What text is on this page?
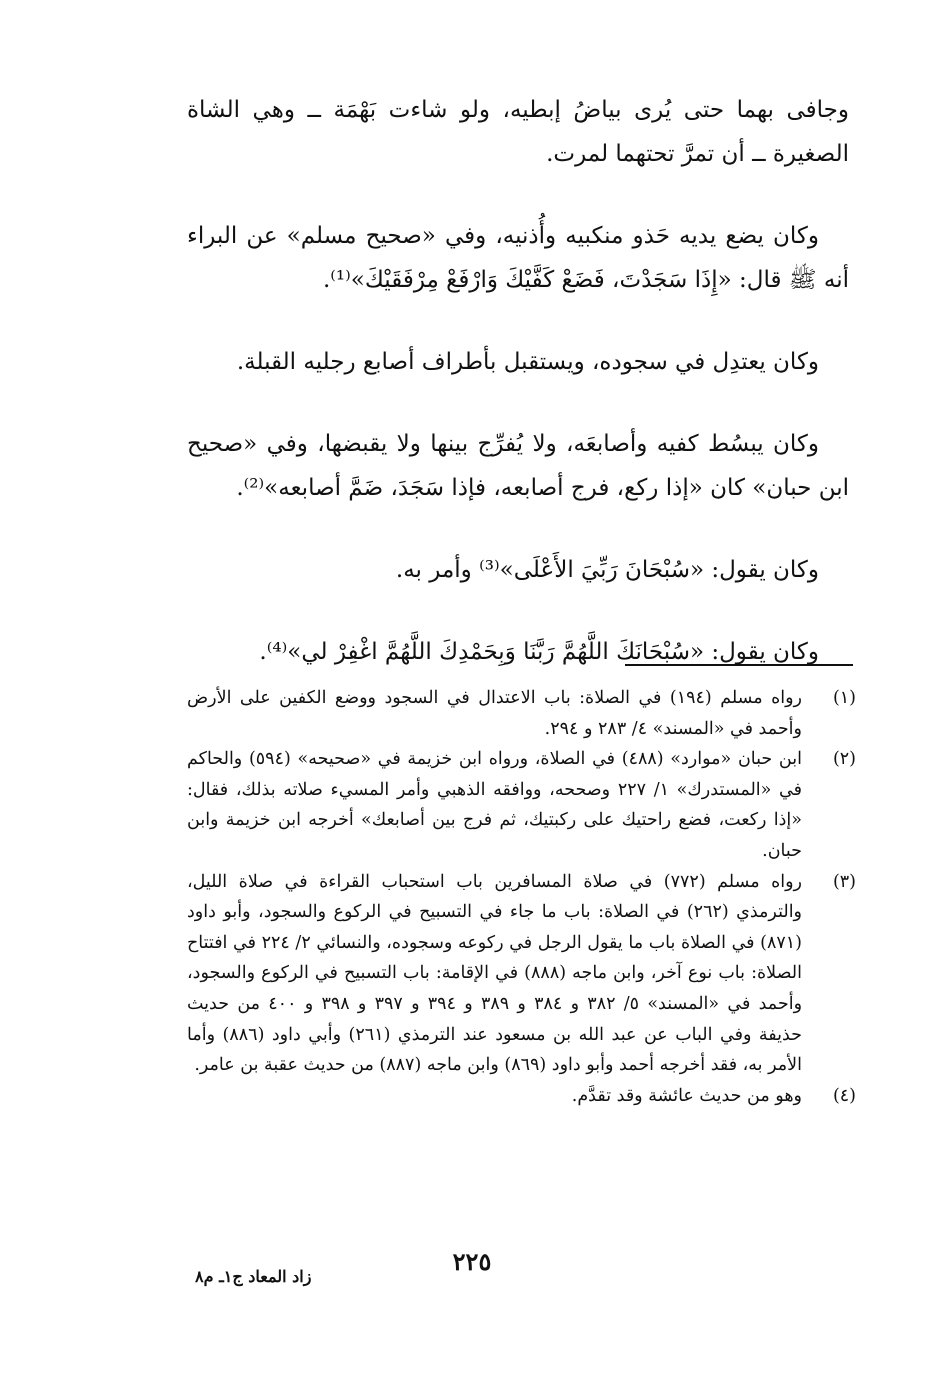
وجافى بهما حتى يُرى بياضُ إبطيه، ولو شاءت بَهْمَة ــ وهي الشاة الصغيرة ــ أن تمرَّ تحتهما لمرت.

وكان يضع يديه حَذو منكبيه وأُذنيه، وفي «صحيح مسلم» عن البراء أنه ﷺ قال: «إِذَا سَجَدْتَ، فَضَعْ كَفَّيْكَ وَارْفَعْ مِرْفَقَيْكَ»⁽¹⁾.

وكان يعتدِل في سجوده، ويستقبل بأطراف أصابع رجليه القبلة.

وكان يبسُط كفيه وأصابعَه، ولا يُفرِّج بينها ولا يقبضها، وفي «صحيح ابن حبان» كان «إذا ركع، فرج أصابعه، فإذا سَجَدَ، ضَمَّ أصابعه»⁽²⁾.

وكان يقول: «سُبْحَانَ رَبِّيَ الأَعْلَى»⁽³⁾ وأمر به.

وكان يقول: «سُبْحَانَكَ اللَّهُمَّ رَبَّنَا وَبِحَمْدِكَ اللَّهُمَّ اغْفِرْ لي»⁽⁴⁾.

(١)
رواه مسلم (١٩٤) في الصلاة: باب الاعتدال في السجود ووضع الكفين على الأرض وأحمد في «المسند» ٤/ ٢٨٣ و ٢٩٤.
(٢)
ابن حبان «موارد» (٤٨٨) في الصلاة، ورواه ابن خزيمة في «صحيحه» (٥٩٤) والحاكم في «المستدرك» ١/ ٢٢٧ وصححه، ووافقه الذهبي وأمر المسيء صلاته بذلك، فقال: «إذا ركعت، فضع راحتيك على ركبتيك، ثم فرج بين أصابعك» أخرجه ابن خزيمة وابن حبان.
(٣)
رواه مسلم (٧٧٢) في صلاة المسافرين باب استحباب القراءة في صلاة الليل، والترمذي (٢٦٢) في الصلاة: باب ما جاء في التسبيح في الركوع والسجود، وأبو داود (٨٧١) في الصلاة باب ما يقول الرجل في ركوعه وسجوده، والنسائي ٢/ ٢٢٤ في افتتاح الصلاة: باب نوع آخر، وابن ماجه (٨٨٨) في الإقامة: باب التسبيح في الركوع والسجود، وأحمد في «المسند» ٥/ ٣٨٢ و ٣٨٤ و ٣٨٩ و ٣٩٤ و ٣٩٧ و ٣٩٨ و ٤٠٠ من حديث حذيفة وفي الباب عن عبد الله بن مسعود عند الترمذي (٢٦١) وأبي داود (٨٨٦) وأما الأمر به، فقد أخرجه أحمد وأبو داود (٨٦٩) وابن ماجه (٨٨٧) من حديث عقبة بن عامر.
(٤)
وهو من حديث عائشة وقد تقدَّم.
٢٢٥
زاد المعاد ج١ـ م٨
